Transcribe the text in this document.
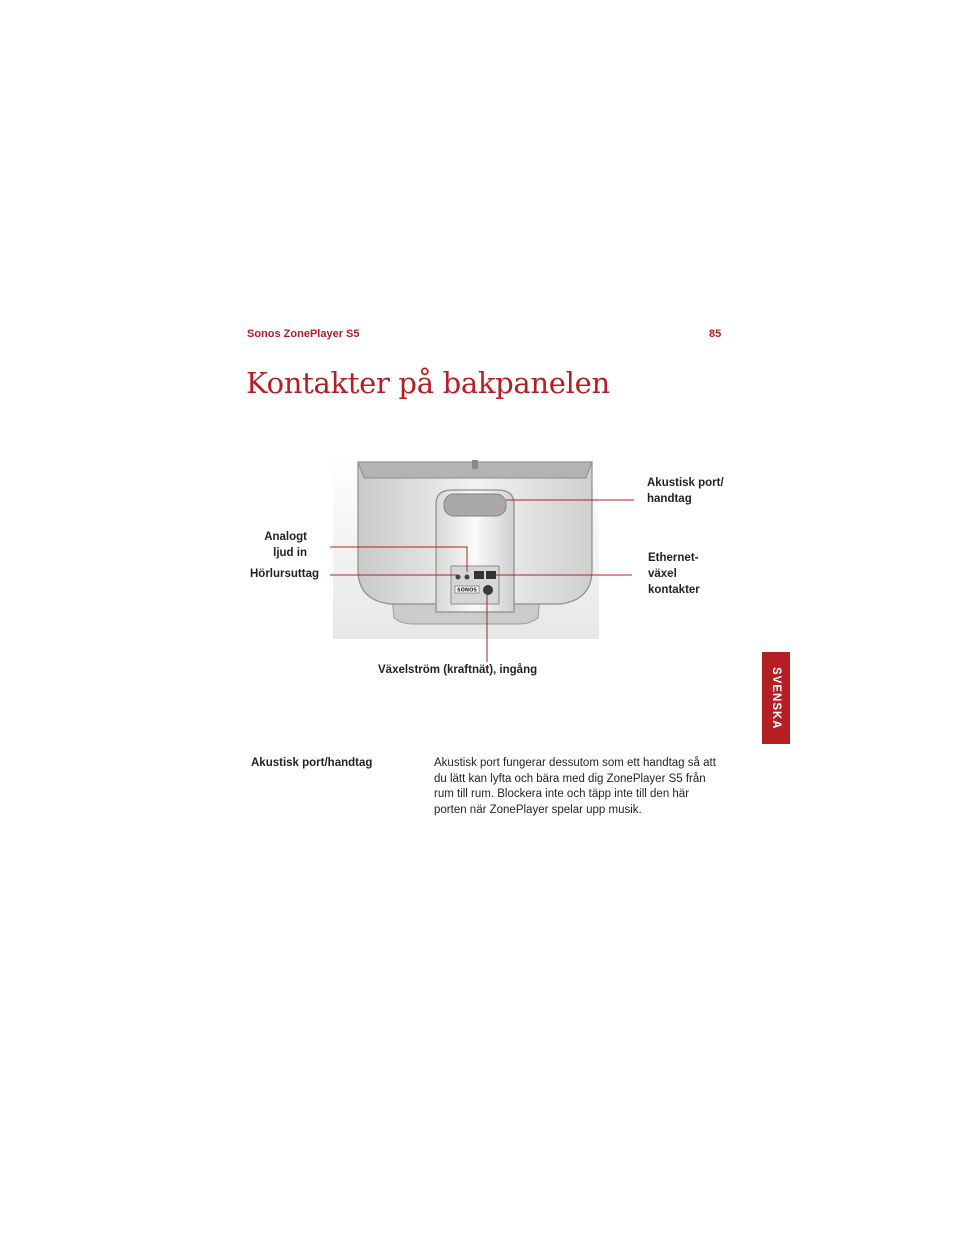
Sonos ZonePlayer S5	85
Kontakter på bakpanelen
SONOS
Analogt
ljud in
Hörlursuttag
Akustisk port/
handtag
Ethernet-
växel
kontakter
Växelström (kraftnät), ingång	SVENSKA
Akustisk port/handtag	Akustisk port fungerar dessutom som ett handtag så att
du lätt kan lyfta och bära med dig ZonePlayer S5 från
rum till rum. Blockera inte och täpp inte till den här
porten när ZonePlayer spelar upp musik.
